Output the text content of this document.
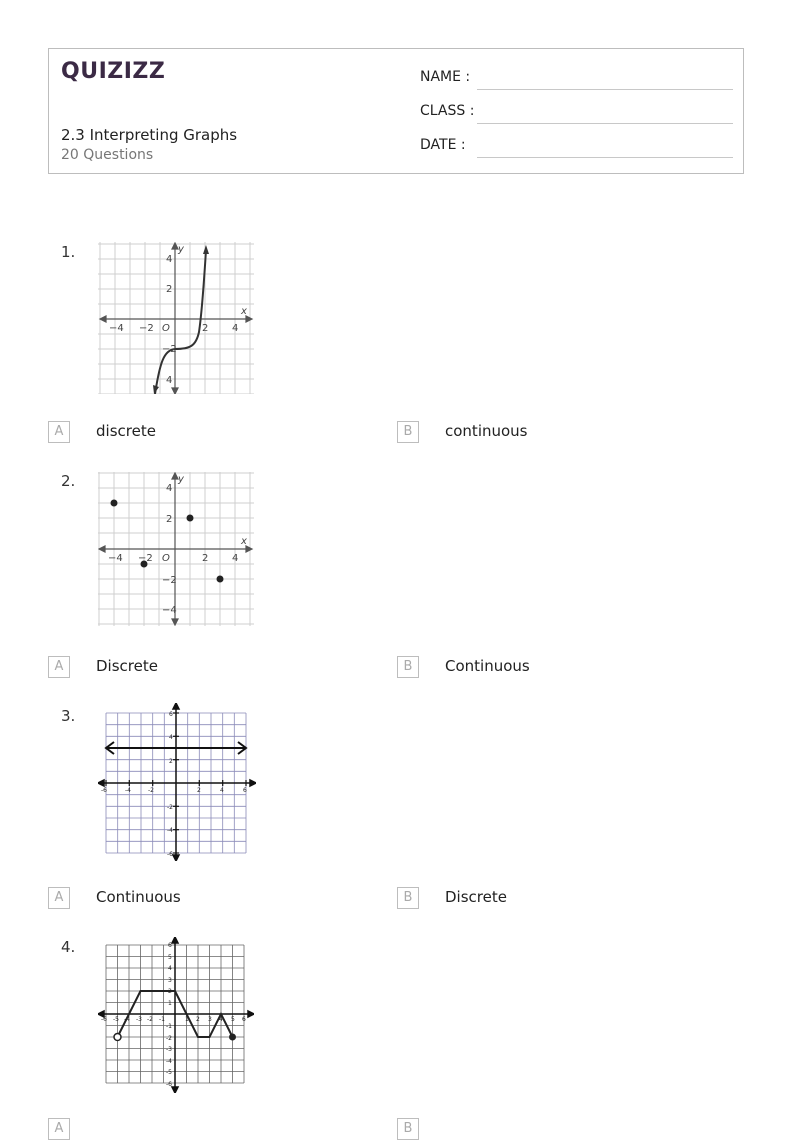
QUIZIZZ
2.3 Interpreting Graphs
20 Questions
NAME :
CLASS :
DATE :
1.	y
x
O
−4 −2	2 4
4
2
−2
4
A	discrete	B	continuous
2.	y
x
O
−4 −2	2 4
4
2
−2
−4
A	Discrete	B	Continuous
3.
-6	-4	-2	2	4	6
6
4
2
-2
-4
-6
A	Continuous	B	Discrete
4.
-6 -5 -4 -3 -2 -1	1 2 3 4 5 6
6
5
4
3
2
1
-1
-2
-3
-4
-5
-6
A	B
